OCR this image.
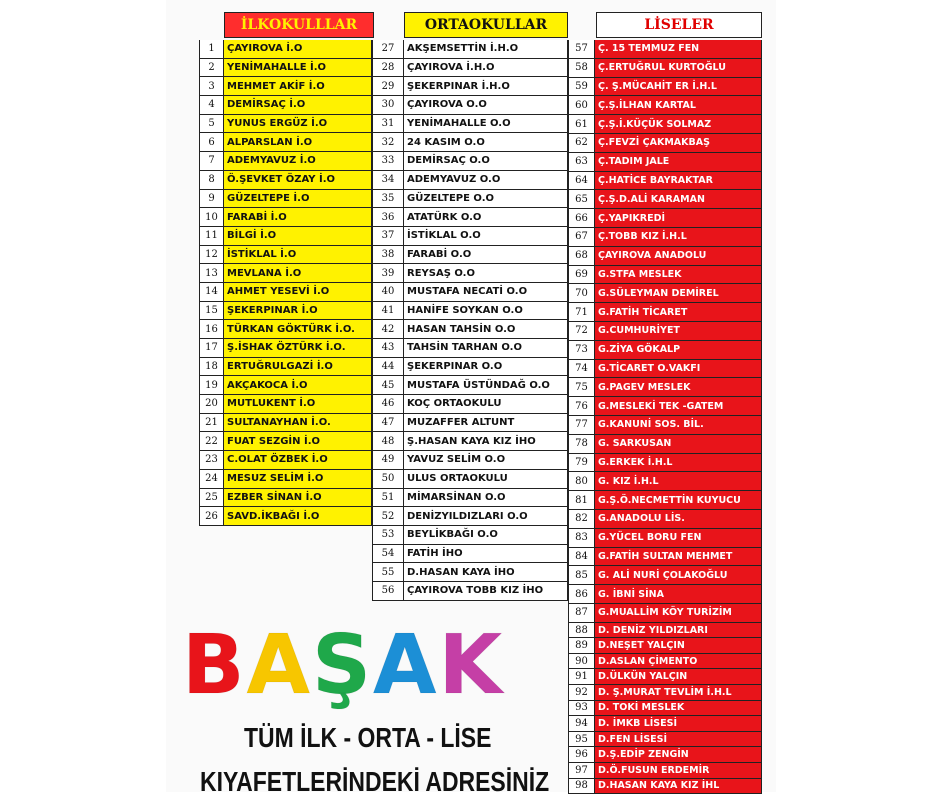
İLKOKULLLAR	ORTAOKULLAR	LİSELER
1	ÇAYIROVA İ.O
2	YENİMAHALLE İ.O
3	MEHMET AKİF İ.O
4	DEMİRSAÇ İ.O
5	YUNUS ERGÜZ İ.O
6	ALPARSLAN İ.O
7	ADEMYAVUZ İ.O
8	Ö.ŞEVKET ÖZAY İ.O
9	GÜZELTEPE İ.O
10 FARABİ İ.O
11 BİLGİ İ.O
12 İSTİKLAL İ.O
13 MEVLANA İ.O
14 AHMET YESEVİ İ.O
15 ŞEKERPINAR İ.O
16 TÜRKAN GÖKTÜRK İ.O.
17 Ş.İSHAK ÖZTÜRK İ.O.
18 ERTUĞRULGAZİ İ.O
19 AKÇAKOCA İ.O
20 MUTLUKENT İ.O
21 SULTANAYHAN İ.O.
22 FUAT SEZGİN İ.O
23 C.OLAT ÖZBEK İ.O
24 MESUZ SELİM İ.O
25 EZBER SİNAN İ.O
26 SAVD.İKBAĞI İ.O
27	AKŞEMSETTİN İ.H.O
28	ÇAYIROVA İ.H.O
29	ŞEKERPINAR İ.H.O
30	ÇAYIROVA O.O
31	YENİMAHALLE O.O
32	24 KASIM O.O
33	DEMİRSAÇ O.O
34	ADEMYAVUZ O.O
35	GÜZELTEPE O.O
36	ATATÜRK O.O
37	İSTİKLAL O.O
38	FARABİ O.O
39	REYSAŞ O.O
40	MUSTAFA NECATİ O.O
41	HANİFE SOYKAN O.O
42	HASAN TAHSİN O.O
43	TAHSİN TARHAN O.O
44	ŞEKERPINAR O.O
45	MUSTAFA ÜSTÜNDAĞ O.O
46	KOÇ ORTAOKULU
47	MUZAFFER ALTUNT
48	Ş.HASAN KAYA KIZ İHO
49	YAVUZ SELİM O.O
50	ULUS ORTAOKULU
51	MİMARSİNAN O.O
52	DENİZYILDIZLARI O.O
53	BEYLİKBAĞI O.O
54	FATİH İHO
55	D.HASAN KAYA İHO
56	ÇAYIROVA TOBB KIZ İHO
57	Ç. 15 TEMMUZ FEN
58	Ç.ERTUĞRUL KURTOĞLU
59	Ç. Ş.MÜCAHİT ER İ.H.L
60	Ç.Ş.İLHAN KARTAL
61	Ç.Ş.İ.KÜÇÜK SOLMAZ
62	Ç.FEVZİ ÇAKMAKBAŞ
63	Ç.TADIM JALE
64	Ç.HATİCE BAYRAKTAR
65	Ç.Ş.D.ALİ KARAMAN
66	Ç.YAPIKREDİ
67	Ç.TOBB KIZ İ.H.L
68	ÇAYIROVA ANADOLU
69	G.STFA MESLEK
70	G.SÜLEYMAN DEMİREL
71	G.FATİH TİCARET
72	G.CUMHURİYET
73	G.ZİYA GÖKALP
74	G.TİCARET O.VAKFI
75	G.PAGEV MESLEK
76	G.MESLEKİ TEK -GATEM
77	G.KANUNİ SOS. BİL.
78	G. SARKUSAN
79	G.ERKEK İ.H.L
80	G. KIZ İ.H.L
81	G.Ş.Ö.NECMETTİN KUYUCU
82	G.ANADOLU LİS.
83	G.YÜCEL BORU FEN
84	G.FATİH SULTAN MEHMET
85	G. ALİ NURİ ÇOLAKOĞLU
86	G. İBNİ SİNA
87	G.MUALLİM KÖY TURİZİM
88	D. DENİZ YILDIZLARI
89	D.NEŞET YALÇIN
90	D.ASLAN ÇİMENTO
91	D.ÜLKÜN YALÇIN
92	D. Ş.MURAT TEVLİM İ.H.L
93	D. TOKİ MESLEK
94	D. İMKB LİSESİ
95	D.FEN LİSESİ
96	D.Ş.EDİP ZENGİN
97	D.Ö.FUSUN ERDEMİR
98	D.HASAN KAYA KIZ İHL
B A Ş A K
TÜM İLK - ORTA - LİSE
KIYAFETLERİNDEKİ ADRESİNİZ
